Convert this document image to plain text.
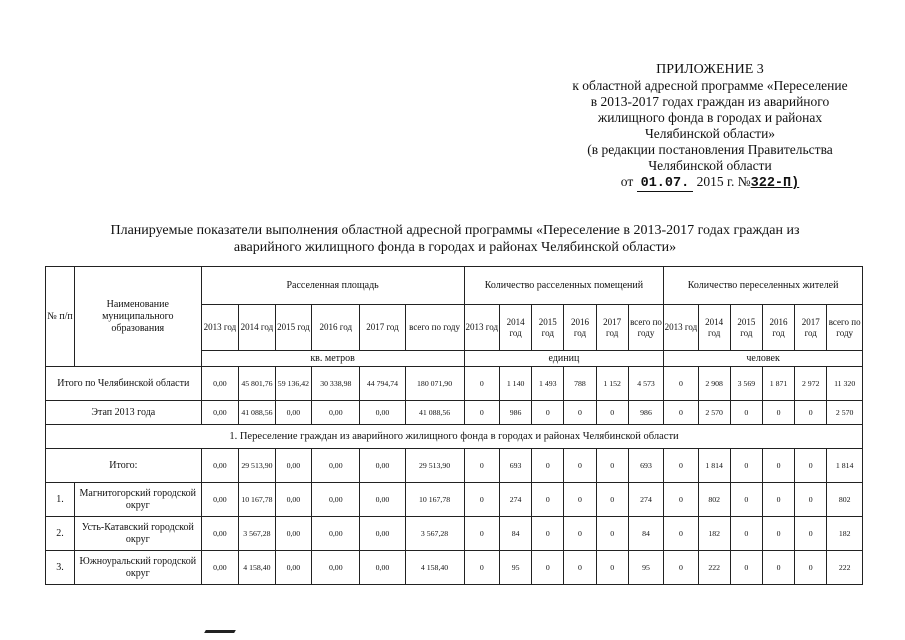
ПРИЛОЖЕНИЕ 3
к областной адресной программе «Переселение
в 2013-2017 годах граждан из аварийного
жилищного фонда в городах и районах
Челябинской области»
(в редакции постановления Правительства
Челябинской области
от 01.07. 2015 г. №322-П)
Планируемые показатели выполнения областной адресной программы «Переселение в 2013-2017 годах граждан из
аварийного жилищного фонда в городах и районах Челябинской области»
№ п/п	Наименование муниципального образования	Расселенная площадь						Количество расселенных помещений						Количество переселенных жителей					
		2013 год	2014 год	2015 год	2016 год	2017 год	всего по году	2013 год	2014 год	2015 год	2016 год	2017 год	всего по году	2013 год	2014 год	2015 год	2016 год	2017 год	всего по году
		кв. метров						единиц						человек					
Итого по Челябинской области		0,00	45 801,76	59 136,42	30 338,98	44 794,74	180 071,90	0	1 140	1 493	788	1 152	4 573	0	2 908	3 569	1 871	2 972	11 320
Этап 2013 года		0,00	41 088,56	0,00	0,00	0,00	41 088,56	0	986	0	0	0	986	0	2 570	0	0	0	2 570
1. Переселение граждан из аварийного жилищного фонда в городах и районах Челябинской области																			
Итого:		0,00	29 513,90	0,00	0,00	0,00	29 513,90	0	693	0	0	0	693	0	1 814	0	0	0	1 814
1.	Магнитогорский городской округ	0,00	10 167,78	0,00	0,00	0,00	10 167,78	0	274	0	0	0	274	0	802	0	0	0	802
2.	Усть-Катавский городской округ	0,00	3 567,28	0,00	0,00	0,00	3 567,28	0	84	0	0	0	84	0	182	0	0	0	182
3.	Южноуральский городской округ	0,00	4 158,40	0,00	0,00	0,00	4 158,40	0	95	0	0	0	95	0	222	0	0	0	222
